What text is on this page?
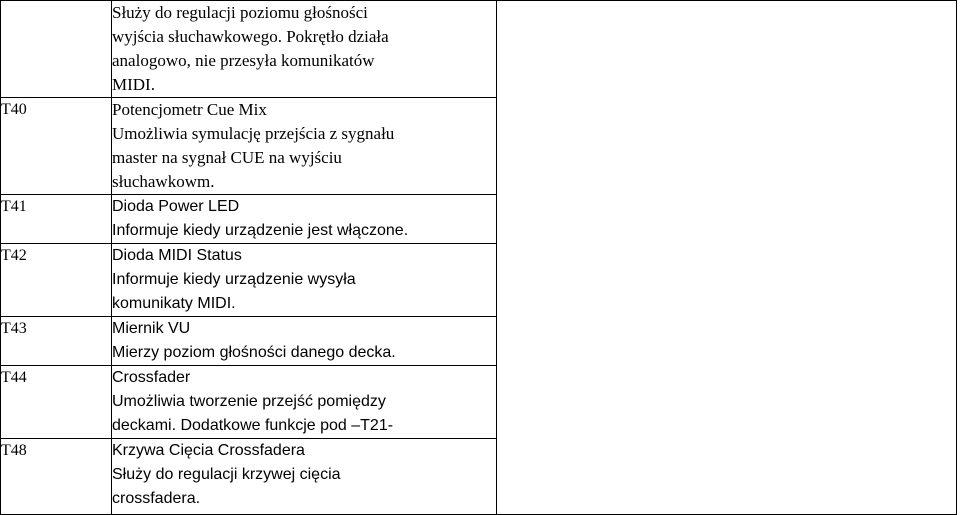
	Służy do regulacji poziomu głośności
wyjścia słuchawkowego. Pokrętło działa
analogowo, nie przesyła komunikatów
MIDI.	

T40	Potencjometr Cue Mix
Umożliwia symulację przejścia z sygnału
master na sygnał CUE na wyjściu
słuchawkowm.	

T41	Dioda Power LED
Informuje kiedy urządzenie jest włączone.	

T42	Dioda MIDI Status
Informuje kiedy urządzenie wysyła
komunikaty MIDI.	

T43	Miernik VU
Mierzy poziom głośności danego decka.	

T44	Crossfader
Umożliwia tworzenie przejść pomiędzy
deckami. Dodatkowe funkcje pod –T21-	

T48	Krzywa Cięcia Crossfadera
Służy do regulacji krzywej cięcia
crossfadera.	
